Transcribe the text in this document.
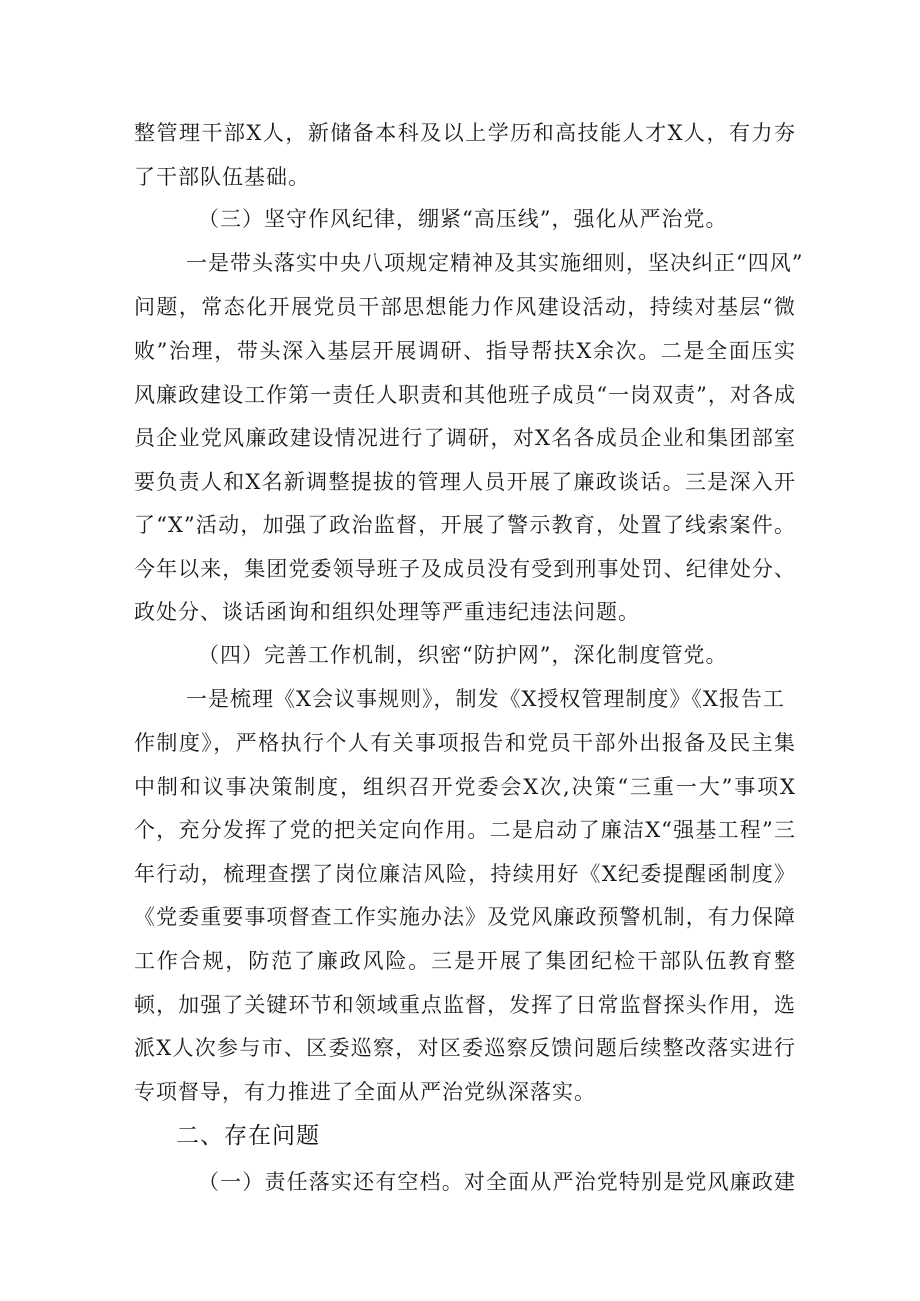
整管理干部X人，新储备本科及以上学历和高技能人才X人，有力夯
了干部队伍基础。
（三）坚守作风纪律，绷紧“高压线”，强化从严治党。
一是带头落实中央八项规定精神及其实施细则，坚决纠正“四风”
问题，常态化开展党员干部思想能力作风建设活动，持续对基层“微
败”治理，带头深入基层开展调研、指导帮扶X余次。二是全面压实
风廉政建设工作第一责任人职责和其他班子成员“一岗双责”，对各成
员企业党风廉政建设情况进行了调研，对X名各成员企业和集团部室
要负责人和X名新调整提拔的管理人员开展了廉政谈话。三是深入开
了“X”活动，加强了政治监督，开展了警示教育，处置了线索案件。
今年以来，集团党委领导班子及成员没有受到刑事处罚、纪律处分、
政处分、谈话函询和组织处理等严重违纪违法问题。
（四）完善工作机制，织密“防护网”，深化制度管党。
一是梳理《X会议事规则》，制发《X授权管理制度》《X报告工
作制度》，严格执行个人有关事项报告和党员干部外出报备及民主集
中制和议事决策制度，组织召开党委会X次,决策“三重一大”事项X
个，充分发挥了党的把关定向作用。二是启动了廉洁X“强基工程”三
年行动，梳理查摆了岗位廉洁风险，持续用好《X纪委提醒函制度》
《党委重要事项督查工作实施办法》及党风廉政预警机制，有力保障
工作合规，防范了廉政风险。三是开展了集团纪检干部队伍教育整
顿，加强了关键环节和领域重点监督，发挥了日常监督探头作用，选
派X人次参与市、区委巡察，对区委巡察反馈问题后续整改落实进行
专项督导，有力推进了全面从严治党纵深落实。
（一）责任落实还有空档。对全面从严治党特别是党风廉政建
二、存在问题
